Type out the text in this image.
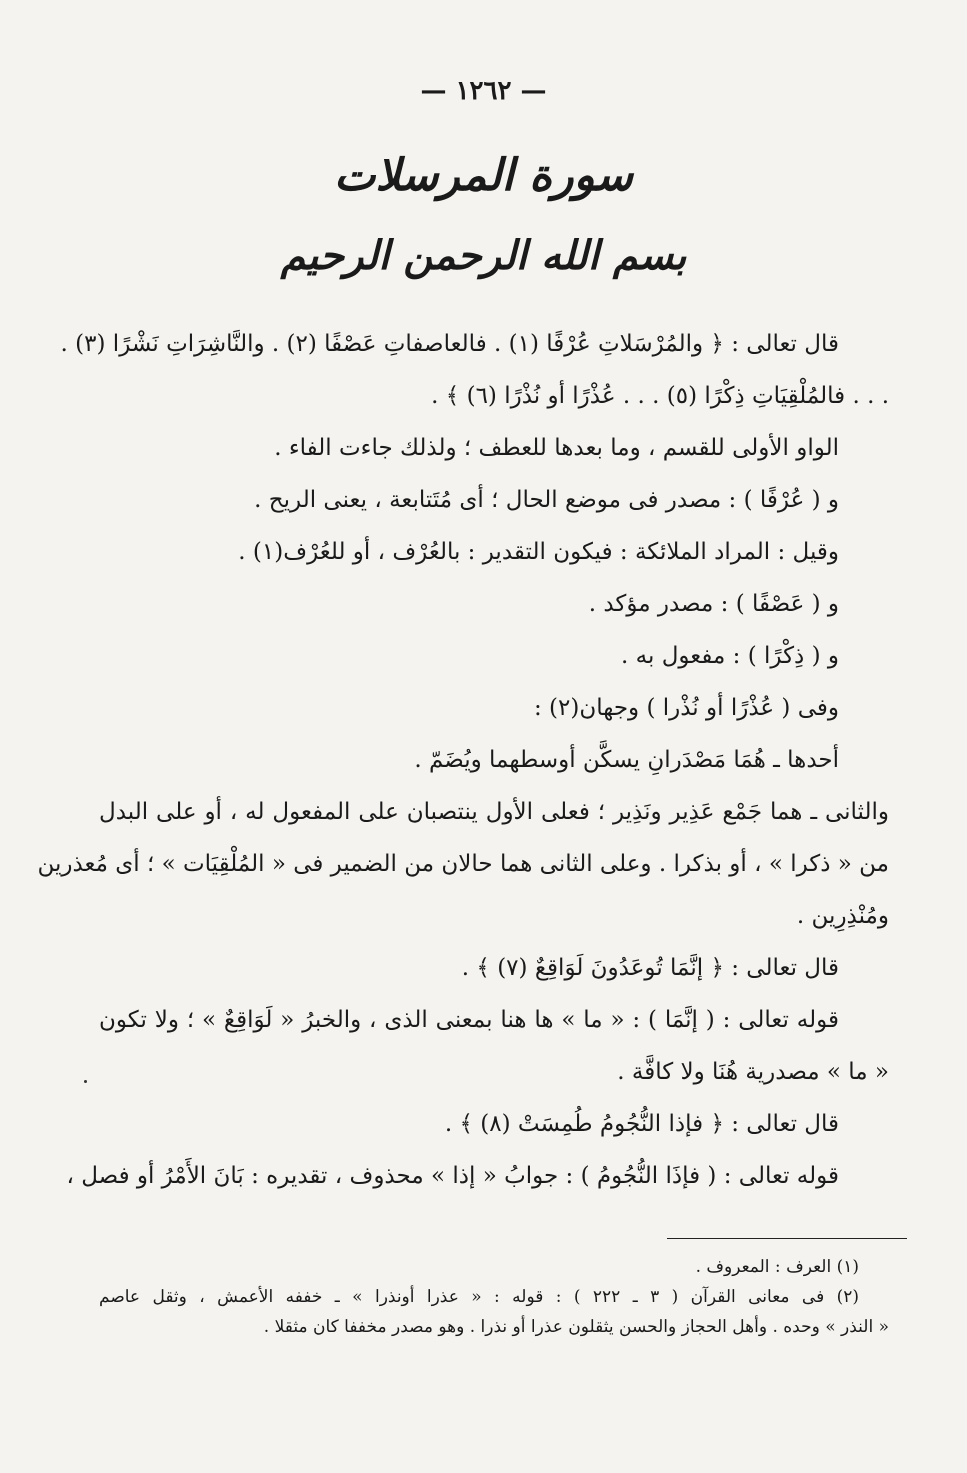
— ١٢٦٢ —
سورة المرسلات
بسم الله الرحمن الرحيم
قال تعالى : ﴿ والمُرْسَلاتِ عُرْفًا (١) . فالعاصفاتِ عَصْفًا (٢) . والنَّاشِرَاتِ نَشْرًا (٣) .
. . . فالمُلْقِيَاتِ ذِكْرًا (٥) . . . عُذْرًا أو نُذْرًا (٦) ﴾ .
الواو الأولى للقسم ، وما بعدها للعطف ؛ ولذلك جاءت الفاء .
و ( عُرْفًا ) : مصدر فى موضع الحال ؛ أى مُتَتابعة ، يعنى الريح .
وقيل : المراد الملائكة : فيكون التقدير : بالعُرْف ، أو للعُرْف(١) .
و ( عَصْفًا ) : مصدر مؤكد .
و ( ذِكْرًا ) : مفعول به .
وفى ( عُذْرًا أو نُذْرا ) وجهان(٢) :
أحدها ـ هُمَا مَصْدَرانِ يسكَّن أوسطهما ويُضَمّ .
والثانى ـ هما جَمْع عَذِير ونَذِير ؛ فعلى الأول ينتصبان على المفعول له ، أو على البدل
من « ذكرا » ، أو بذكرا . وعلى الثانى هما حالان من الضمير فى « المُلْقِيَات » ؛ أى مُعذرين
ومُنْذِرِين .
قال تعالى : ﴿ إنَّمَا تُوعَدُونَ لَوَاقِعٌ (٧) ﴾ .
قوله تعالى : ( إنَّمَا ) : « ما » ها هنا بمعنى الذى ، والخبرُ « لَوَاقِعٌ » ؛ ولا تكون
« ما » مصدرية هُنَا ولا كافَّة .
قال تعالى : ﴿ فإذا النُّجُومُ طُمِسَتْ (٨) ﴾ .
قوله تعالى : ( فإذَا النُّجُومُ ) : جوابُ « إذا » محذوف ، تقديره : بَانَ الأَمْرُ أو فصل ،
(١) العرف : المعروف .
(٢) فى معانى القرآن ( ٣ ـ ٢٢٢ ) : قوله : « عذرا أونذرا » ـ خففه الأعمش ، وثقل عاصم
« النذر » وحده . وأهل الحجاز والحسن يثقلون عذرا أو نذرا . وهو مصدر مخففا كان مثقلا .
